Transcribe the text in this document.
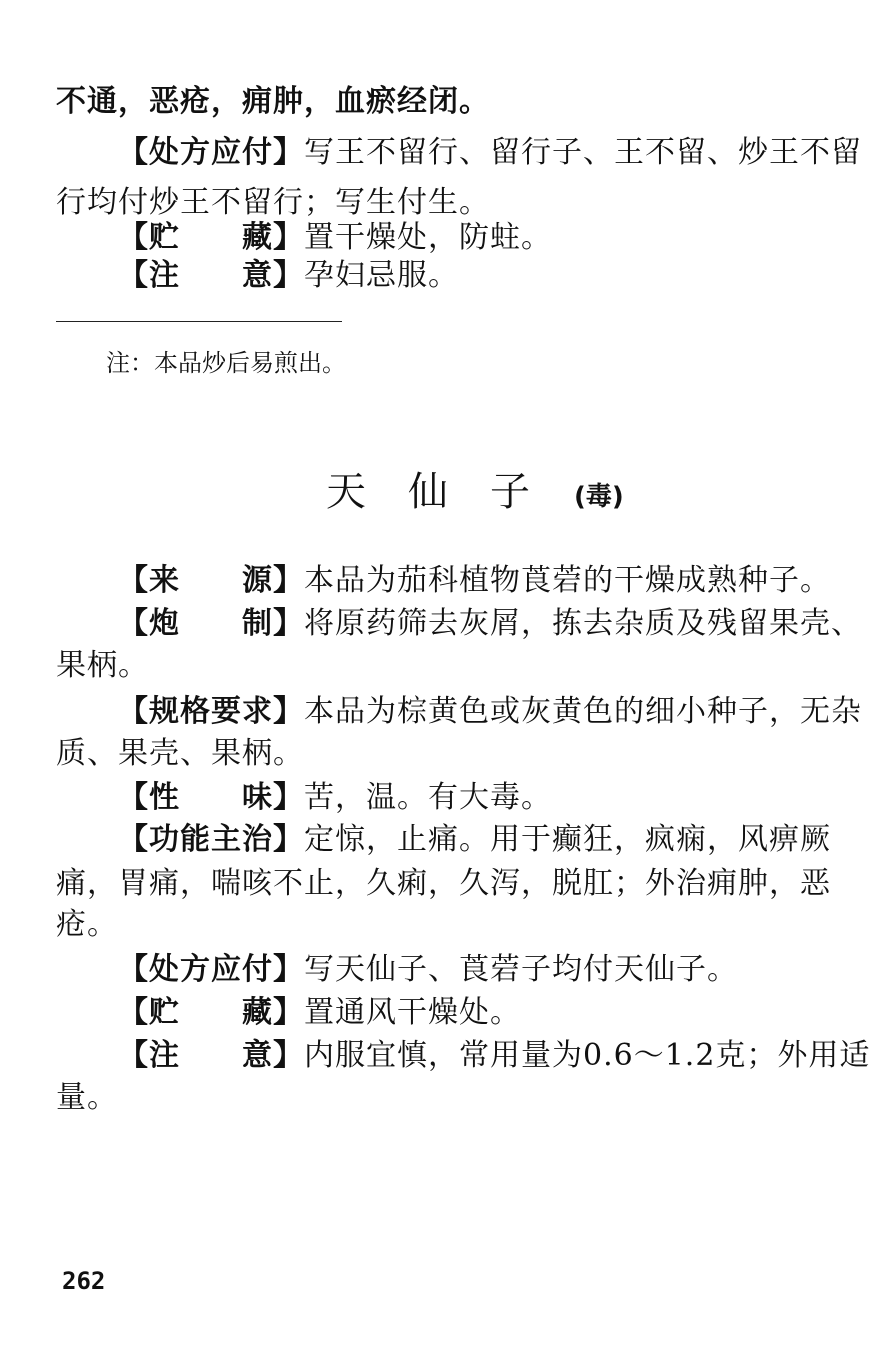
不通，恶疮，痈肿，血瘀经闭。
【处方应付】写王不留行、留行子、王不留、炒王不留
行均付炒王不留行；写生付生。
【贮　　藏】置干燥处，防蛀。
【注　　意】孕妇忌服。
注：本品炒后易煎出。
天仙子(毒)
【来　　源】本品为茄科植物莨菪的干燥成熟种子。
【炮　　制】将原药筛去灰屑，拣去杂质及残留果壳、
果柄。
【规格要求】本品为棕黄色或灰黄色的细小种子，无杂
质、果壳、果柄。
【性　　味】苦，温。有大毒。
【功能主治】定惊，止痛。用于癫狂，疯痫，风痹厥
痛，胃痛，喘咳不止，久痢，久泻，脱肛；外治痈肿，恶
疮。
【处方应付】写天仙子、莨菪子均付天仙子。
【贮　　藏】置通风干燥处。
【注　　意】内服宜慎，常用量为0.6～1.2克；外用适
量。
262
